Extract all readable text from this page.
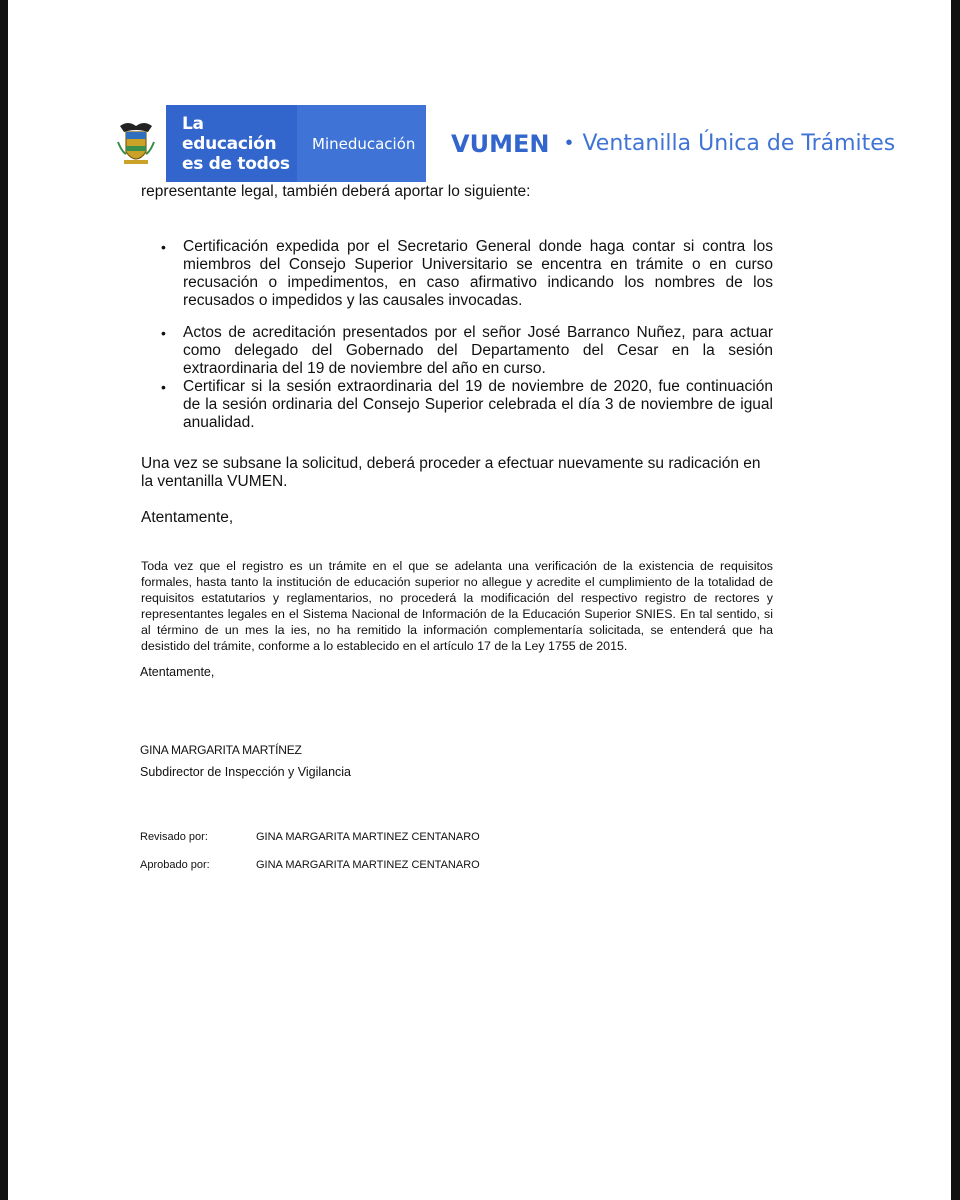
La educación
es de todos
Mineducación VUMEN • Ventanilla Única de Trámites
representante legal, también deberá aportar lo siguiente:
• Certificación expedida por el Secretario General donde haga contar si contra los miembros del Consejo Superior Universitario se encentra en trámite o en curso recusación o impedimentos, en caso afirmativo indicando los nombres de los recusados o impedidos y las causales invocadas.
• Actos de acreditación presentados por el señor José Barranco Nuñez, para actuar como delegado del Gobernado del Departamento del Cesar en la sesión extraordinaria del 19 de noviembre del año en curso.
• Certificar si la sesión extraordinaria del 19 de noviembre de 2020, fue continuación de la sesión ordinaria del Consejo Superior celebrada el día 3 de noviembre de igual anualidad.
Una vez se subsane la solicitud, deberá proceder a efectuar nuevamente su radicación en la ventanilla VUMEN.
Atentamente,
Toda vez que el registro es un trámite en el que se adelanta una verificación de la existencia de requisitos formales, hasta tanto la institución de educación superior no allegue y acredite el cumplimiento de la totalidad de requisitos estatutarios y reglamentarios, no procederá la modificación del respectivo registro de rectores y representantes legales en el Sistema Nacional de Información de la Educación Superior SNIES. En tal sentido, si al término de un mes la ies, no ha remitido la información complementaría solicitada, se entenderá que ha desistido del trámite, conforme a lo establecido en el artículo 17 de la Ley 1755 de 2015.
Atentamente,
GINA MARGARITA MARTÍNEZ
Subdirector de Inspección y Vigilancia
Revisado por:	GINA MARGARITA MARTINEZ CENTANARO
Aprobado por:	GINA MARGARITA MARTINEZ CENTANARO
